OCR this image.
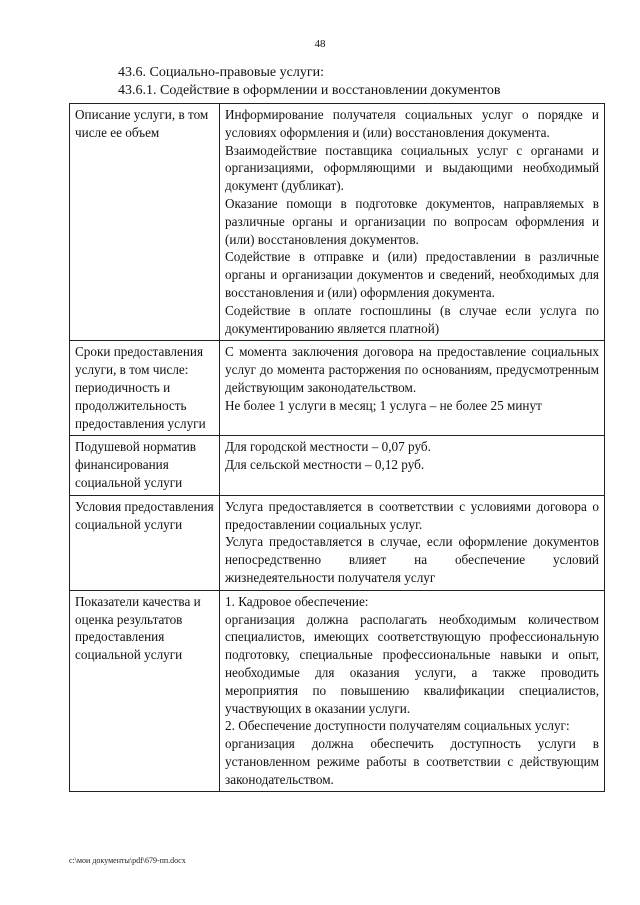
48
43.6. Социально-правовые услуги:
43.6.1. Содействие в оформлении и восстановлении документов
Описание услуги, в том числе ее объем	Информирование получателя социальных услуг о порядке и условиях оформления и (или) восстановления документа.

Взаимодействие поставщика социальных услуг с органами и организациями, оформляющими и выдающими необходимый документ (дубликат).

Оказание помощи в подготовке документов, направляемых в различные органы и организации по вопросам оформления и (или) восстановления документов.

Содействие в отправке и (или) предоставлении в различные органы и организации документов и сведений, необходимых для восстановления и (или) оформления документа.

Содействие в оплате госпошлины (в случае если услуга по документированию является платной)

Сроки предоставления услуги, в том числе: периодичность и продолжительность предоставления услуги	С момента заключения договора на предоставление социальных услуг до момента расторжения по основаниям, предусмотренным действующим законодательством.

Не более 1 услуги в месяц; 1 услуга – не более 25 минут

Подушевой норматив финансирования социальной услуги	Для городской местности – 0,07 руб.

Для сельской местности – 0,12 руб.

Условия предоставления социальной услуги	Услуга предоставляется в соответствии с условиями договора о предоставлении социальных услуг.

Услуга предоставляется в случае, если оформление документов непосредственно влияет на обеспечение условий жизнедеятельности получателя услуг

Показатели качества и оценка результатов предоставления социальной услуги	1. Кадровое обеспечение:

организация должна располагать необходимым количеством специалистов, имеющих соответствующую профессиональную подготовку, специальные профессиональные навыки и опыт, необходимые для оказания услуги, а также проводить мероприятия по повышению квалификации специалистов, участвующих в оказании услуги.

2. Обеспечение доступности получателям социальных услуг:

организация должна обеспечить доступность услуги в установленном режиме работы в соответствии с действующим законодательством.

c:\мои документы\pdf\679-пп.docx
